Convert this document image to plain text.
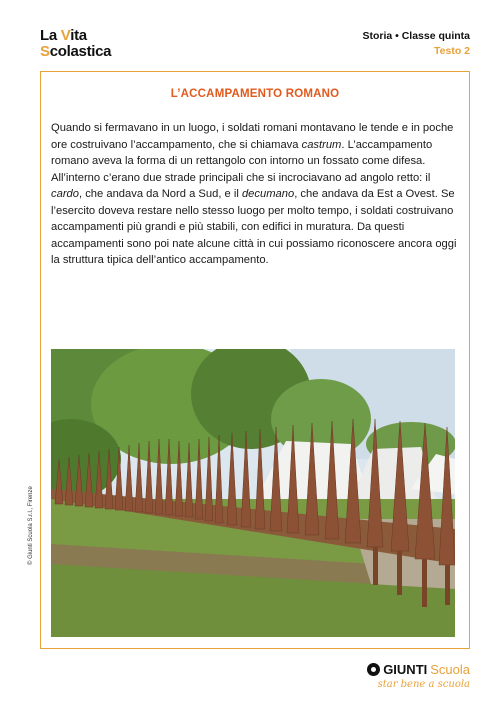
La Vita
Scolastica
Storia • Classe quinta
Testo 2
L’ACCAMPAMENTO ROMANO

Quando si fermavano in un luogo, i soldati romani montavano le tende e in poche ore costruivano l’accampamento, che si chiamava castrum. L’accampamento romano aveva la forma di un rettangolo con intorno un fossato come difesa. All’interno c’erano due strade principali che si incrociavano ad angolo retto: il cardo, che andava da Nord a Sud, e il decumano, che andava da Est a Ovest. Se l’esercito doveva restare nello stesso luogo per molto tempo, i soldati costruivano accampamenti più grandi e più stabili, con edifici in muratura. Da questi accampamenti sono poi nate alcune città in cui possiamo riconoscere ancora oggi la struttura tipica dell’antico accampamento.

© Giunti Scuola S.r.l., Firenze
GIUNTI Scuola
star bene a scuola
